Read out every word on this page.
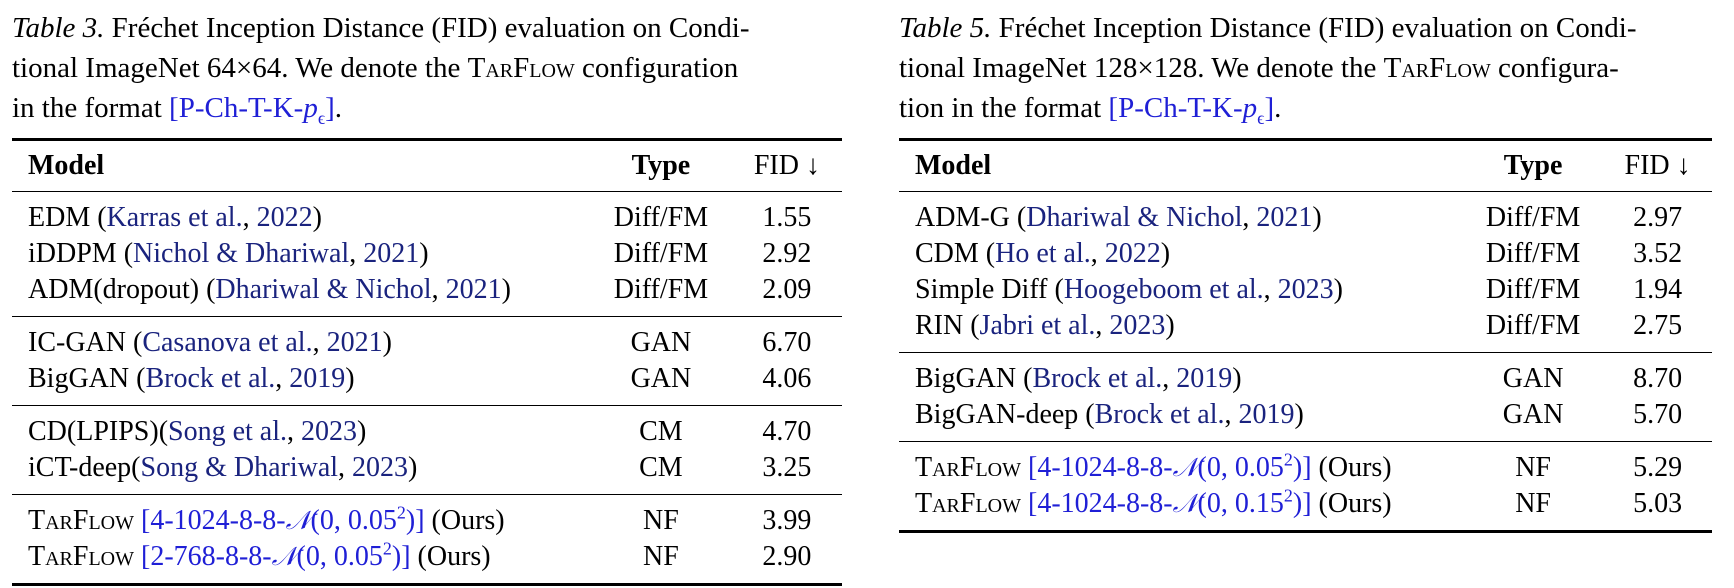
Table 3. Fréchet Inception Distance (FID) evaluation on Condi-
tional ImageNet 64×64. We denote the TarFlow configuration
in the format $[P-Ch-T-K-p_\epsilon]$.
Model	Type	FID ↓
EDM (Karras et al., 2022)	Diff/FM	1.55
iDDPM (Nichol & Dhariwal, 2021)	Diff/FM	2.92
ADM(dropout) (Dhariwal & Nichol, 2021)	Diff/FM	2.09
IC-GAN (Casanova et al., 2021)	GAN	6.70
BigGAN (Brock et al., 2019)	GAN	4.06
CD(LPIPS)(Song et al., 2023)	CM	4.70
iCT-deep(Song & Dhariwal, 2023)	CM	3.25
TarFlow [4-1024-8-8-𝒩(0, 0.05$^2$)] (Ours)	NF	3.99
TarFlow [2-768-8-8-𝒩(0, 0.05$^2$)] (Ours)	NF	2.90
Table 5. Fréchet Inception Distance (FID) evaluation on Condi-
tional ImageNet 128×128. We denote the TarFlow configura-
tion in the format $[P-Ch-T-K-p_\epsilon]$.
Model	Type	FID ↓
ADM-G (Dhariwal & Nichol, 2021)	Diff/FM	2.97
CDM (Ho et al., 2022)	Diff/FM	3.52
Simple Diff (Hoogeboom et al., 2023)	Diff/FM	1.94
RIN (Jabri et al., 2023)	Diff/FM	2.75
BigGAN (Brock et al., 2019)	GAN	8.70
BigGAN-deep (Brock et al., 2019)	GAN	5.70
TarFlow [4-1024-8-8-𝒩(0, 0.05$^2$)] (Ours)	NF	5.29
TarFlow [4-1024-8-8-𝒩(0, 0.15$^2$)] (Ours)	NF	5.03
